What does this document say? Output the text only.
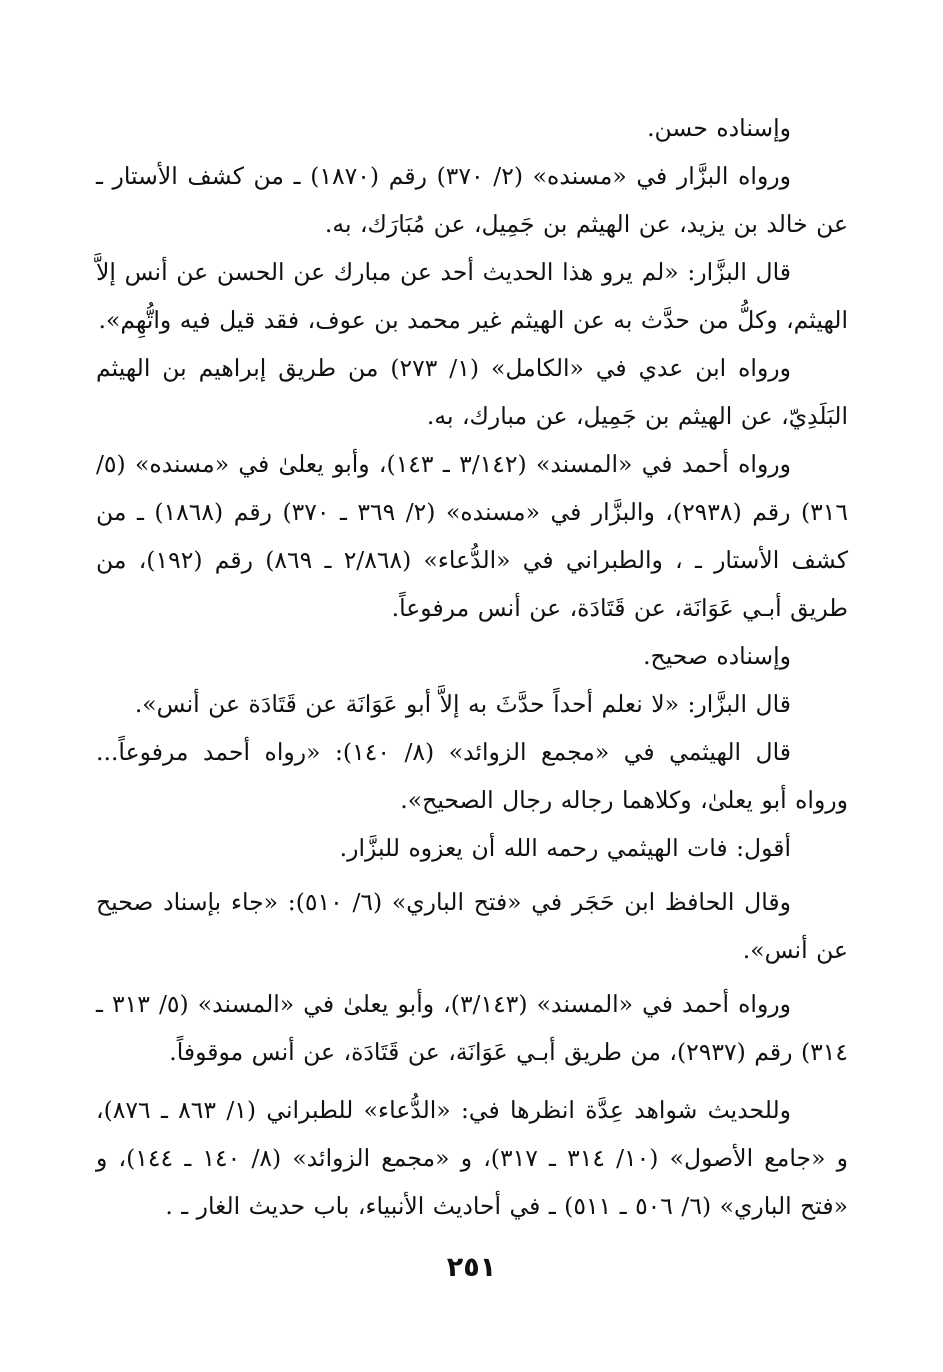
وإسناده حسن.

ورواه البزَّار في «مسنده» (٢/ ٣٧٠) رقم (١٨٧٠) ـ من كشف الأستار ـ عن خالد بن يزيد، عن الهيثم بن جَمِيل، عن مُبَارَك، به.

قال البزَّار: «لم يرو هذا الحديث أحد عن مبارك عن الحسن عن أنس إلاَّ الهيثم، وكلُّ من حدَّث به عن الهيثم غير محمد بن عوف، فقد قيل فيه واتُّهِم».

ورواه ابن عدي في «الكامل» (١/ ٢٧٣) من طريق إبراهيم بن الهيثم البَلَدِيّ، عن الهيثم بن جَمِيل، عن مبارك، به.

ورواه أحمد في «المسند» (٣/١٤٢ ـ ١٤٣)، وأبو يعلىٰ في «مسنده» (٥/ ٣١٦) رقم (٢٩٣٨)، والبزَّار في «مسنده» (٢/ ٣٦٩ ـ ٣٧٠) رقم (١٨٦٨) ـ من كشف الأستار ـ ، والطبراني في «الدُّعاء» (٢/٨٦٨ ـ ٨٦٩) رقم (١٩٢)، من طريق أبـي عَوَانَة، عن قَتَادَة، عن أنس مرفوعاً.

وإسناده صحيح.

قال البزَّار: «لا نعلم أحداً حدَّثَ به إلاَّ أبو عَوَانَة عن قَتَادَة عن أنس».

قال الهيثمي في «مجمع الزوائد» (٨/ ١٤٠): «رواه أحمد مرفوعاً... ورواه أبو يعلىٰ، وكلاهما رجاله رجال الصحيح».

أقول: فات الهيثمي رحمه الله أن يعزوه للبزَّار.

وقال الحافظ ابن حَجَر في «فتح الباري» (٦/ ٥١٠): «جاء بإسناد صحيح عن أنس».

ورواه أحمد في «المسند» (٣/١٤٣)، وأبو يعلىٰ في «المسند» (٥/ ٣١٣ ـ ٣١٤) رقم (٢٩٣٧)، من طريق أبـي عَوَانَة، عن قَتَادَة، عن أنس موقوفاً.

وللحديث شواهد عِدَّة انظرها في: «الدُّعاء» للطبراني (١/ ٨٦٣ ـ ٨٧٦)، و «جامع الأصول» (١٠/ ٣١٤ ـ ٣١٧)، و «مجمع الزوائد» (٨/ ١٤٠ ـ ١٤٤)، و «فتح الباري» (٦/ ٥٠٦ ـ ٥١١) ـ في أحاديث الأنبياء، باب حديث الغار ـ .

٢٥١
